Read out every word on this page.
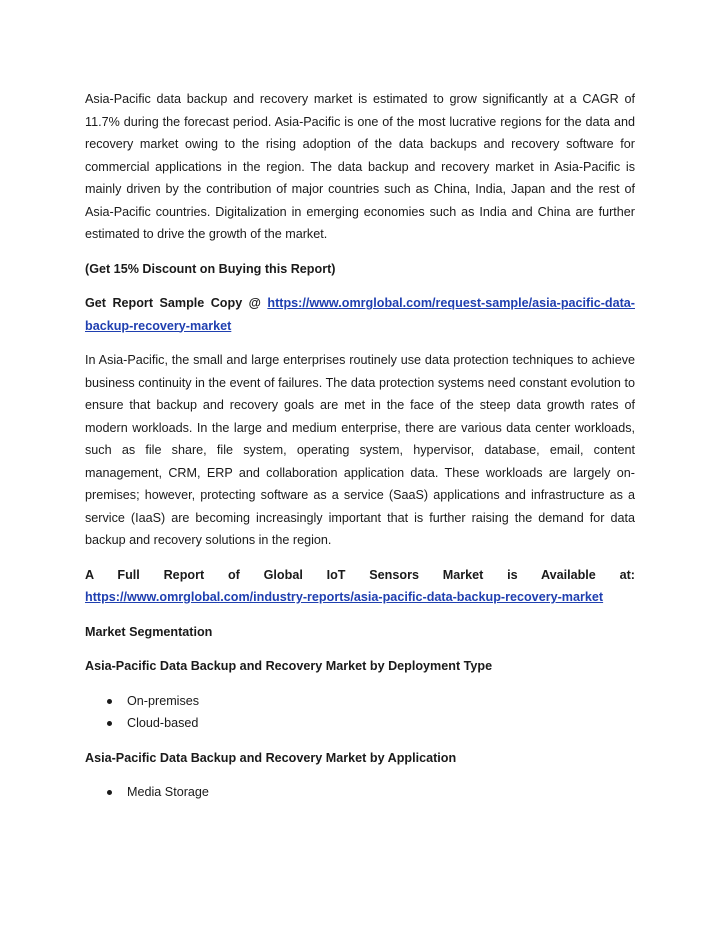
Asia-Pacific data backup and recovery market is estimated to grow significantly at a CAGR of 11.7% during the forecast period. Asia-Pacific is one of the most lucrative regions for the data and recovery market owing to the rising adoption of the data backups and recovery software for commercial applications in the region. The data backup and recovery market in Asia-Pacific is mainly driven by the contribution of major countries such as China, India, Japan and the rest of Asia-Pacific countries. Digitalization in emerging economies such as India and China are further estimated to drive the growth of the market.

(Get 15% Discount on Buying this Report)

Get Report Sample Copy @ https://www.omrglobal.com/request-sample/asia-pacific-data-backup-recovery-market

In Asia-Pacific, the small and large enterprises routinely use data protection techniques to achieve business continuity in the event of failures. The data protection systems need constant evolution to ensure that backup and recovery goals are met in the face of the steep data growth rates of modern workloads. In the large and medium enterprise, there are various data center workloads, such as file share, file system, operating system, hypervisor, database, email, content management, CRM, ERP and collaboration application data. These workloads are largely on-premises; however, protecting software as a service (SaaS) applications and infrastructure as a service (IaaS) are becoming increasingly important that is further raising the demand for data backup and recovery solutions in the region.

A Full Report of Global IoT Sensors Market is Available at:

https://www.omrglobal.com/industry-reports/asia-pacific-data-backup-recovery-market

Market Segmentation

Asia-Pacific Data Backup and Recovery Market by Deployment Type

On-premises
Cloud-based

Asia-Pacific Data Backup and Recovery Market by Application

Media Storage
